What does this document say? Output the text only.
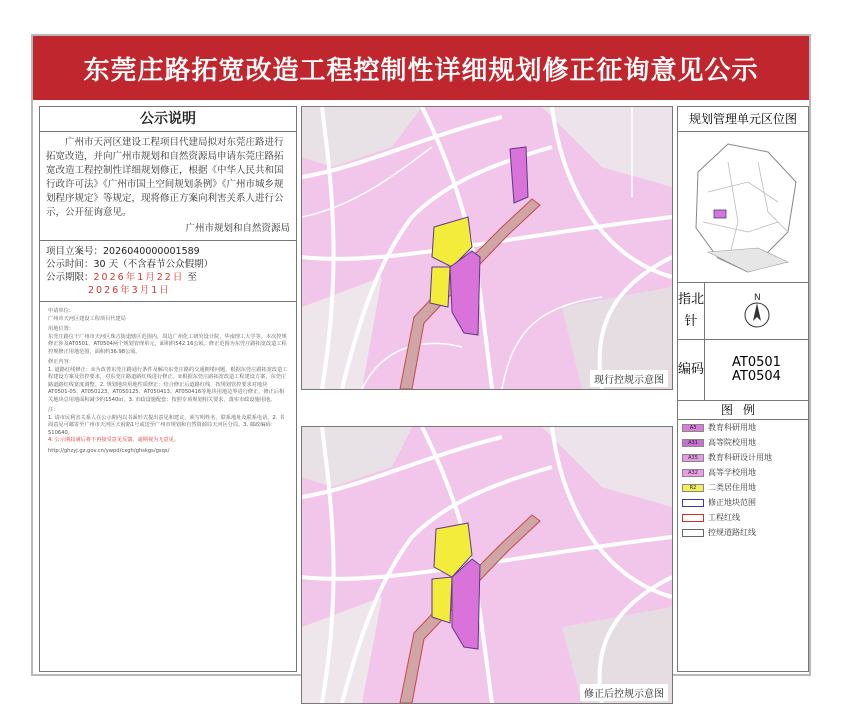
东莞庄路拓宽改造工程控制性详细规划修正征询意见公示
公示说明
广州市天河区建设工程项目代建局拟对东莞庄路进行拓宽改造，并向广州市规划和自然资源局申请东莞庄路拓宽改造工程控制性详细规划修正，根据《中华人民共和国行政许可法》《广州市国土空间规划条例》《广州市城乡规划程序规定》等规定，现将修正方案向利害关系人进行公示，公开征询意见。
广州市规划和自然资源局
项目立案号：2026040000001589
公示时间：30 天（不含春节公众假期）
公示期限：2026年1月22日 至
2026年3月1日

申请单位：
广州市天河区建设工程项目代建局

用地位置：
东莞庄路位于广州市天河区珠吉街道辖区范围内，周边广州化工研究设计院、华南理工大学等。本次控规修正涉及AT0501、AT0504两个规划管理单元，面积约542.16公顷。修正范围为东莞庄路拓宽改造工程控规修正用地范围，面积约36.98公顷。

修正内容：
1. 道路红线修正：①为改善东莞庄路通行条件及解决东莞庄路的交通拥堵问题，根据东莞庄路拓宽改造工程建设方案及管控要求，对东莞庄路道路红线进行修正。②根据东莞庄路拓宽改造工程建设方案，东莞庄路道路红线宽度调整。2. 规划地块用地性质修正：结合修正后道路红线，按规划管控要求对地块AT0501-05、AT050123、AT050125、AT050413、AT050416等地块用地边界进行修正，修正后相关地块总用地面积减少约1540㎡。3. 市政设施配套：按照专项规划相关要求，落实市政设施用地。

注：
1. 请市民利害关系人在公示期内以书面形式提出意见和建议，须写明姓名、联系地址及联系电话。2. 书面意见可邮寄至广州市天河区天府路1号或送至广州市规划和自然资源局天河区分局。3. 邮政编码：510640。
4. 公示期届满后将不再接受意见反馈，逾期视为无意见。

http://ghzyj.gz.gov.cn/ywpd/cxgh/ghskgs/gsqs/

现行控规示意图
修正后控规示意图
规划管理单元区位图
指北针
N
编码 AT0501
AT0504
图例
A3	教育科研用地
A31	高等院校用地
A35	教育科研设计用地
A32	高等学校用地
R2	二类居住用地
修正地块范围
工程红线
控规道路红线
